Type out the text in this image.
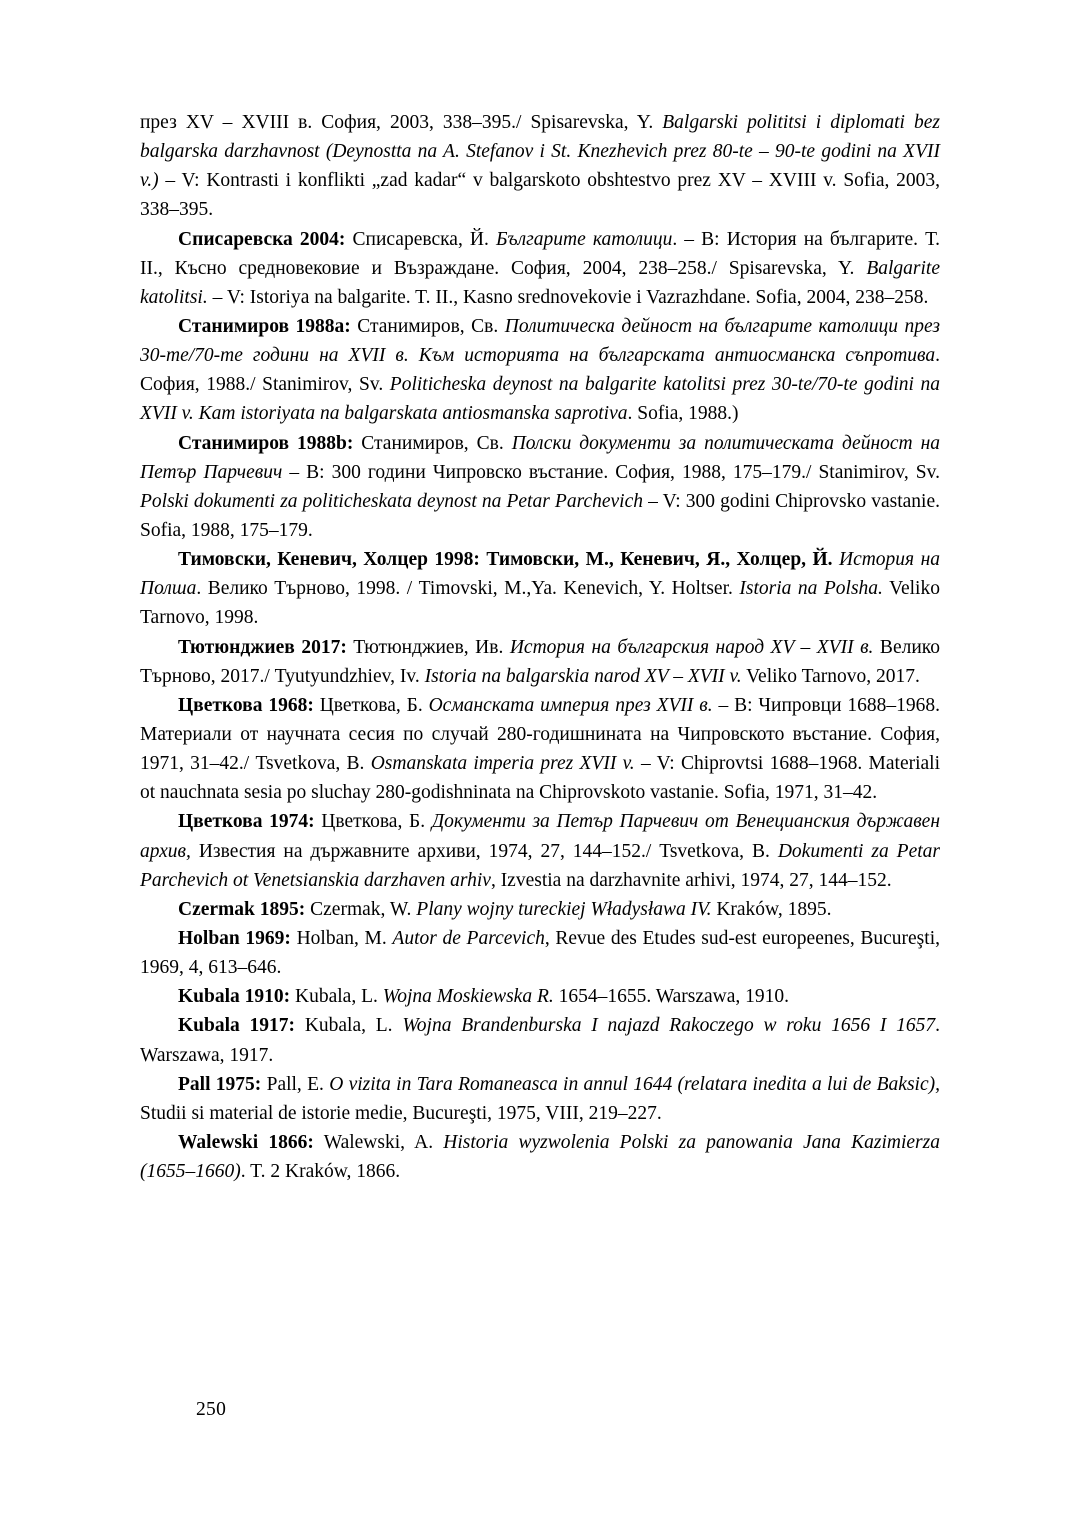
през XV – XVIII в. София, 2003, 338–395./ Spisarevska, Y. Balgarski polititsi i diplomati bez balgarska darzhavnost (Deynostta na A. Stefanov i St. Knezhevich prez 80-te – 90-te godini na XVII v.) – V: Kontrasti i konflikti „zad kadar“ v balgarskoto obshtestvo prez XV – XVIII v. Sofia, 2003, 338–395.

Списаревска 2004: Списаревска, Й. Българите католици. – В: История на българите. Т. II., Късно средновековие и Възраждане. София, 2004, 238–258./ Spisarevska, Y. Balgarite katolitsi. – V: Istoriya na balgarite. T. II., Kasno srednovekovie i Vazrazhdane. Sofia, 2004, 238–258.

Станимиров 1988a: Станимиров, Св. Политическа дейност на българите католици през 30-те/70-те години на XVII в. Към историята на българската антиосманска съпротива. София, 1988./ Stanimirov, Sv. Politicheska deynost na balgarite katolitsi prez 30-te/70-te godini na XVII v. Kam istoriyata na balgarskata antiosmanska saprotiva. Sofia, 1988.)

Станимиров 1988b: Станимиров, Св. Полски документи за политическата дейност на Петър Парчевич – В: 300 години Чипровско въстание. София, 1988, 175–179./ Stanimirov, Sv. Polski dokumenti za politicheskata deynost na Petar Parchevich – V: 300 godini Chiprovsko vastanie. Sofia, 1988, 175–179.

Тимовски, Кеневич, Холцер 1998: Тимовски, М., Кеневич, Я., Холцер, Й. История на Полша. Велико Търново, 1998. / Timovski, M.,Ya. Kenevich, Y. Holtser. Istoria na Polsha. Veliko Tarnovo, 1998.

Тютюнджиев 2017: Тютюнджиев, Ив. История на българския народ XV – XVII в. Велико Търново, 2017./ Tyutyundzhiev, Iv. Istoria na balgarskia narod XV – XVII v. Veliko Tarnovo, 2017.

Цветкова 1968: Цветкова, Б. Османската империя през XVII в. – В: Чипровци 1688–1968. Материали от научната сесия по случай 280-годишнината на Чипровското въстание. София, 1971, 31–42./ Tsvetkova, B. Osmanskata imperia prez XVII v. – V: Chiprovtsi 1688–1968. Materiali ot nauchnata sesia po sluchay 280-godishninata na Chiprovskoto vastanie. Sofia, 1971, 31–42.

Цветкова 1974: Цветкова, Б. Документи за Петър Парчевич от Венецианския държавен архив, Известия на държавните архиви, 1974, 27, 144–152./ Tsvetkova, B. Dokumenti za Petar Parchevich ot Venetsianskia darzhaven arhiv, Izvestia na darzhavnite arhivi, 1974, 27, 144–152.

Czermak 1895: Czermak, W. Plany wojny tureckiej Władysława IV. Kraków, 1895.

Holban 1969: Holban, M. Autor de Parcevich, Revue des Etudes sud-est europeenes, Bucureşti, 1969, 4, 613–646.

Kubala 1910: Kubala, L. Wojna Moskiewska R. 1654–1655. Warszawa, 1910.

Kubala 1917: Kubala, L. Wojna Brandenburska I najazd Rakoczego w roku 1656 I 1657. Warszawa, 1917.

Pall 1975: Pall, E. O vizita in Tara Romaneasca in annul 1644 (relatara inedita a lui de Baksic), Studii si material de istorie medie, Bucureşti, 1975, VIII, 219–227.

Walewski 1866: Walewski, A. Historia wyzwolenia Polski za panowania Jana Kazimierza (1655–1660). T. 2 Kraków, 1866.

250
